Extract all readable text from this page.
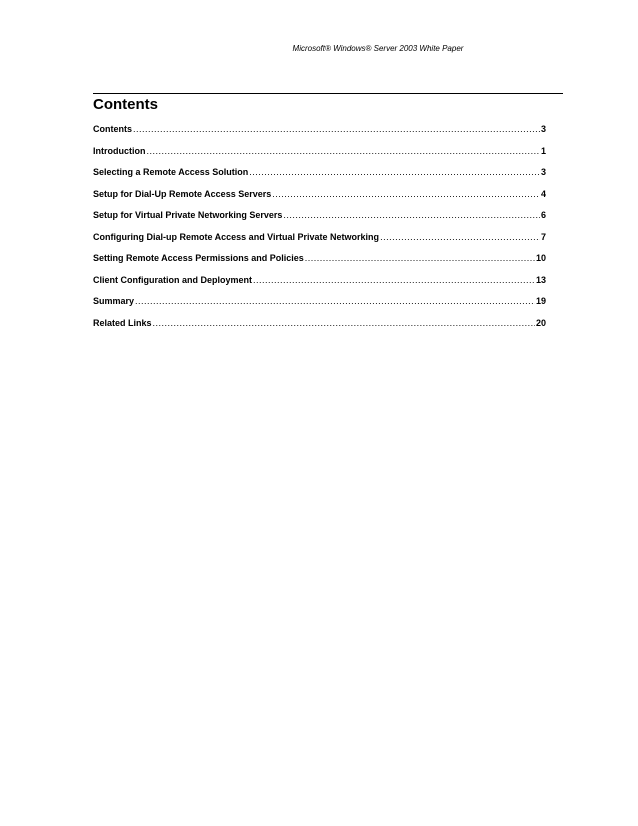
Microsoft® Windows® Server 2003 White Paper
Contents
Contents .....	3
Introduction .....	1
Selecting a Remote Access Solution .....	3
Setup for Dial-Up Remote Access Servers .....	4
Setup for Virtual Private Networking Servers .....	6
Configuring Dial-up Remote Access and Virtual Private Networking .....	7
Setting Remote Access Permissions and Policies .....	10
Client Configuration and Deployment .....	13
Summary .....	19
Related Links .....	20
